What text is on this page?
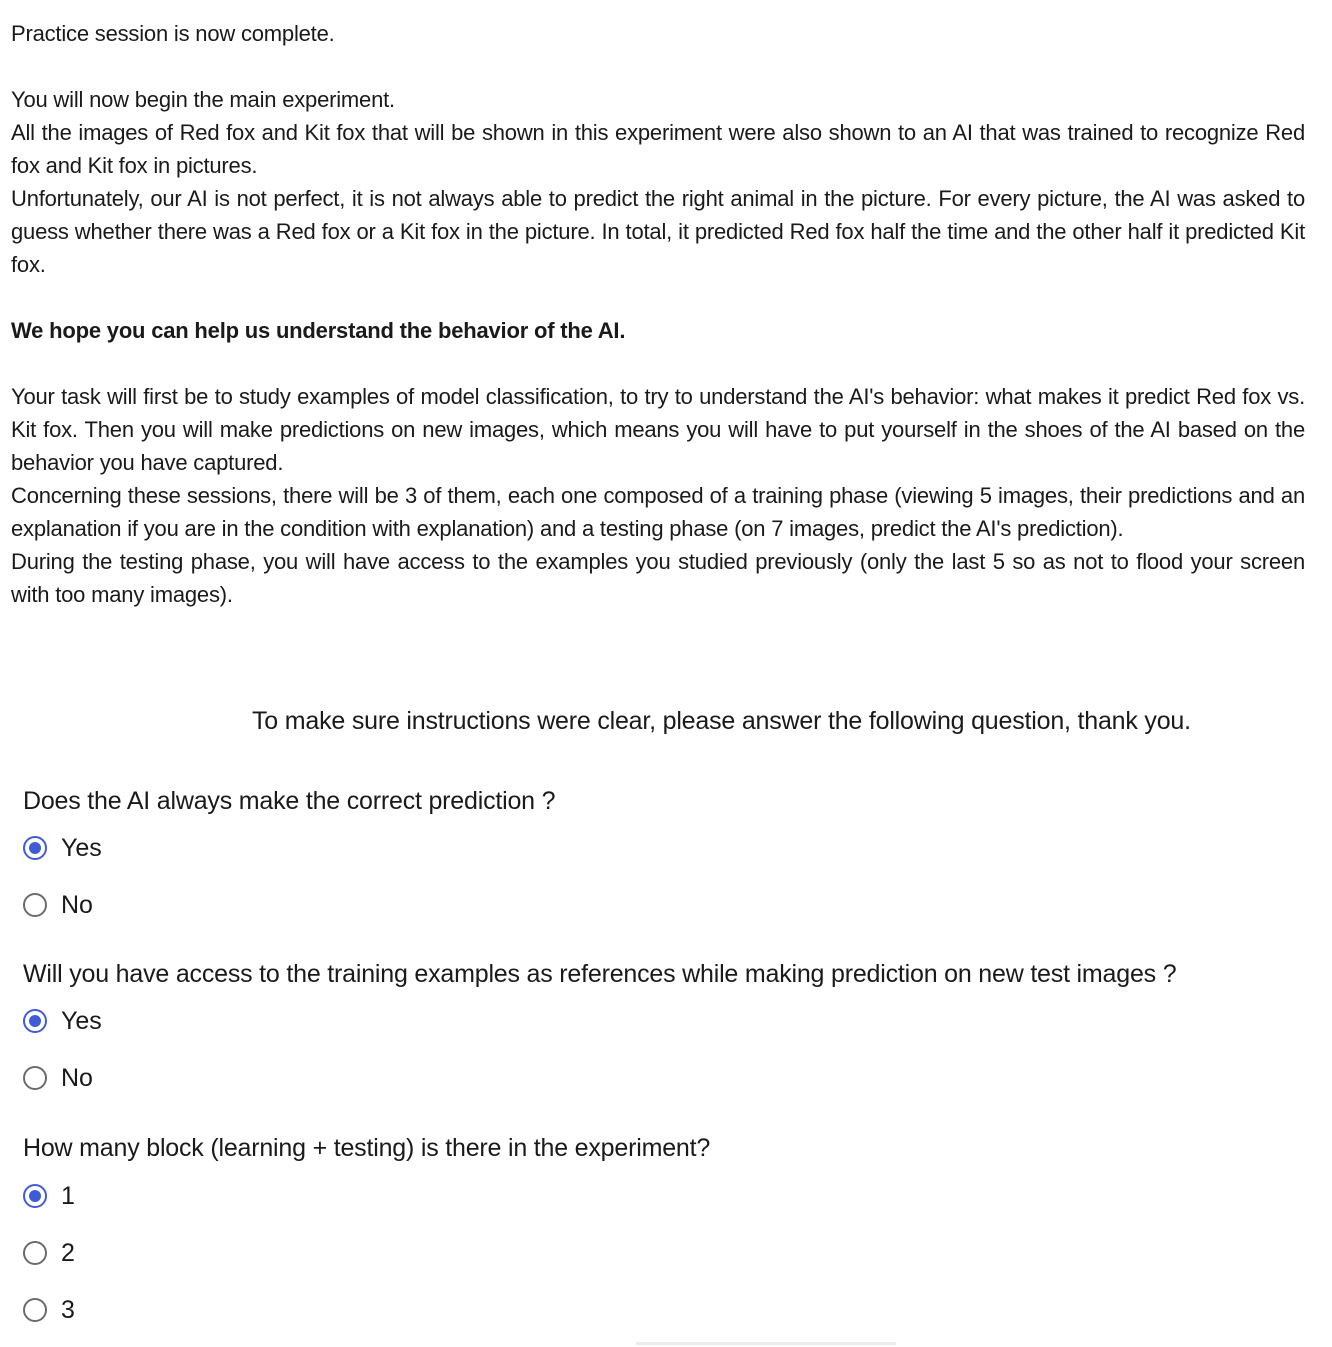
Practice session is now complete.

You will now begin the main experiment.

All the images of Red fox and Kit fox that will be shown in this experiment were also shown to an AI that was trained to recognize Red fox and Kit fox in pictures.

Unfortunately, our AI is not perfect, it is not always able to predict the right animal in the picture. For every picture, the AI was asked to guess whether there was a Red fox or a Kit fox in the picture. In total, it predicted Red fox half the time and the other half it predicted Kit fox.

We hope you can help us understand the behavior of the AI.

Your task will first be to study examples of model classification, to try to understand the AI's behavior: what makes it predict Red fox vs. Kit fox. Then you will make predictions on new images, which means you will have to put yourself in the shoes of the AI based on the behavior you have captured.

Concerning these sessions, there will be 3 of them, each one composed of a training phase (viewing 5 images, their predictions and an explanation if you are in the condition with explanation) and a testing phase (on 7 images, predict the AI's prediction).

During the testing phase, you will have access to the examples you studied previously (only the last 5 so as not to flood your screen with too many images).

To make sure instructions were clear, please answer the following question, thank you.
Does the AI always make the correct prediction ?
Yes
No
Will you have access to the training examples as references while making prediction on new test images ?
Yes
No
How many block (learning + testing) is there in the experiment?
1
2
3
